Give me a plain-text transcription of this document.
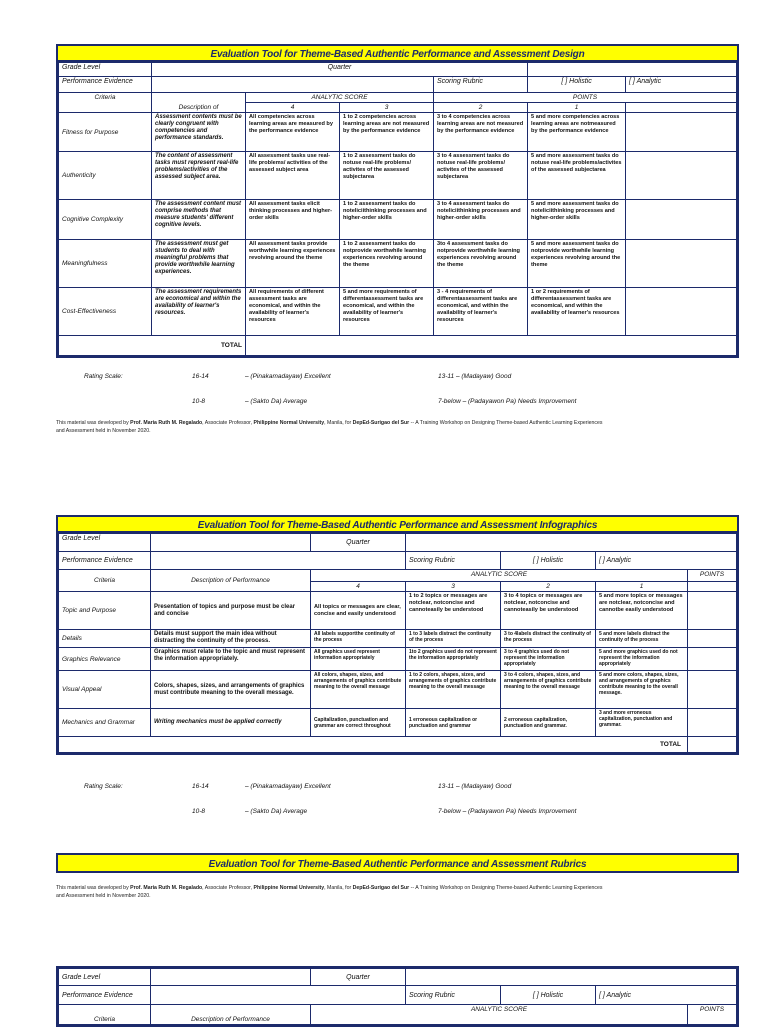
Evaluation Tool for Theme-Based Authentic Performance and Assessment Design
Grade Level	Quarter					
Performance Evidence				Scoring Rubric	[ ] Holistic	[ ] Analytic
Criteria		ANALYTIC SCORE		POINTS		
	Description of	4	3	2	1	
Fitness for Purpose	Assessment contents must be clearly congruent with competencies and performance standards.	All competencies across learning areas are measured by the performance evidence	1 to 2 competencies across learning areas are not measured by the performance evidence	3 to 4 competencies across learning areas are not measured by the performance evidence	5 and more competencies across learning areas are notmeasured by the performance evidence	
Authenticity	The content of assessment tasks must represent real-life problems/activities of the assessed subject area.	All assessment tasks use real-life problems/ activities of the assessed subject area	1 to 2 assessment tasks do notuse real-life problems/ activites of the assessed subjectarea	3 to 4 assessment tasks do notuse real-life problems/ activites of the assessed subjectarea	5 and more assessment tasks do notuse real-life problems/activites of the assessed subjectarea	
Cognitive Complexity	The assessment content must comprise methods that measure students' different cognitive levels.	All assessment tasks elicit thinking processes and higher-order skills	1 to 2 assessment tasks do noteliciithinking processes and higher-order skills	3 to 4 assessment tasks do noteliciithinking processes and higher-order skills	5 and more assessment tasks do noteliciithinking processes and higher-order skills	
Meaningfulness	The assessment must get students to deal with meaningful problems that provide worthwhile learning experiences.	All assessment tasks provide worthwhile learning experiences revolving around the theme	1 to 2 assessment tasks do notprovide worthwhile learning experiences revolving around the theme	3to 4 assessment tasks do notprovide worthwhile learning experiences revolving around the theme	5 and more assessment tasks do notprovide worthwhile learning experiences revolving around the theme	
Cost-Effectiveness	The assessment requirements are economical and within the availability of learner's resources.	All requirements of different assessment tasks are economical, and within the availability of learner's resources	5 and more requirements of differentassessment tasks are economical, and within the availability of learner's resources	3 - 4 requirements of differentassessment tasks are economical, and within the availability of learner's resources	1 or 2 requirements of differentassessment tasks are economical, and within the availability of learner's resources	
TOTAL						
Rating Scale:	16-14	– (Pinakamadayaw) Excellent	13-11 – (Madayaw) Good
10-8	– (Sakto Da) Average	7-below – (Padayawon Pa) Needs Improvement
This material was developed by Prof. Maria Ruth M. Regalado, Associate Professor, Philippine Normal University, Manila, for DepEd-Surigao del Sur -- A Training Workshop on Designing Theme-based Authentic Learning Experiences
and Assessment held in November 2020.
Evaluation Tool for Theme-Based Authentic Performance and Assessment Infographics
Grade Level		Quarter				
Performance Evidence			Scoring Rubric	[ ] Holistic	[ ] Analytic	
Criteria	Description of Performance	ANALYTIC SCORE				POINTS
		4	3	2	1	
Topic and Purpose	Presentation of topics and purpose must be clear and concise	All topics or messages are clear, concise and easily understood	1 to 2 topics or messages are notclear, notconcise and cannoteasily be understood	3 to 4 topics or messages are notclear, notconcise and cannoteasily be understood	5 and more topics or messages are notclear, notconcise and cannotbe easily understood	
Details	Details must support the main idea without distracting the continuity of the process.	All labels supportthe continuity of the process	1 to 3 labels distract the continuity of the process	3 to 4labels distract the continuity of the process	5 and more labels distract the continuity of the process	
Graphics Relevance	Graphics must relate to the topic and must represent the information appropriately.	All graphics used represent information appropriately	1to 2 graphics used do not represent the information appropriately	3 to 4 graphics used do not represent the information appropriately	5 and more graphics used do not represent the information appropriately	
Visual Appeal	Colors, shapes, sizes, and arrangements of graphics must contribute meaning to the overall message.	All colors, shapes, sizes, and arrangements of graphics contribute meaning to the overall message	1 to 2 colors, shapes, sizes, and arrangements of graphics contribute meaning to the overall message	3 to 4 colors, shapes, sizes, and arrangements of graphics contribute meaning to the overall message	5 and more colors, shapes, sizes, and arrangements of graphics contribute meaning to the overall message.	
Mechanics and Grammar	Writing mechanics must be applied correctly	Capitalization, punctuation and grammar are correct throughout	1 erroneous capitalization or punctuation and grammar	2 erroneous capitalization, punctuation and grammar.	3 and more erroneous capitalization, punctuation and grammar.	
TOTAL						
Rating Scale:	16-14	– (Pinakamadayaw) Excellent	13-11 – (Madayaw) Good
10-8	– (Sakto Da) Average	7-below – (Padayawon Pa) Needs Improvement
Evaluation Tool for Theme-Based Authentic Performance and Assessment Rubrics
This material was developed by Prof. Maria Ruth M. Regalado, Associate Professor, Philippine Normal University, Manila, for DepEd-Surigao del Sur -- A Training Workshop on Designing Theme-based Authentic Learning Experiences
and Assessment held in November 2020.
Grade Level		Quarter				
Performance Evidence			Scoring Rubric	[ ] Holistic	[ ] Analytic	
Criteria	Description of Performance	ANALYTIC SCORE				POINTS
